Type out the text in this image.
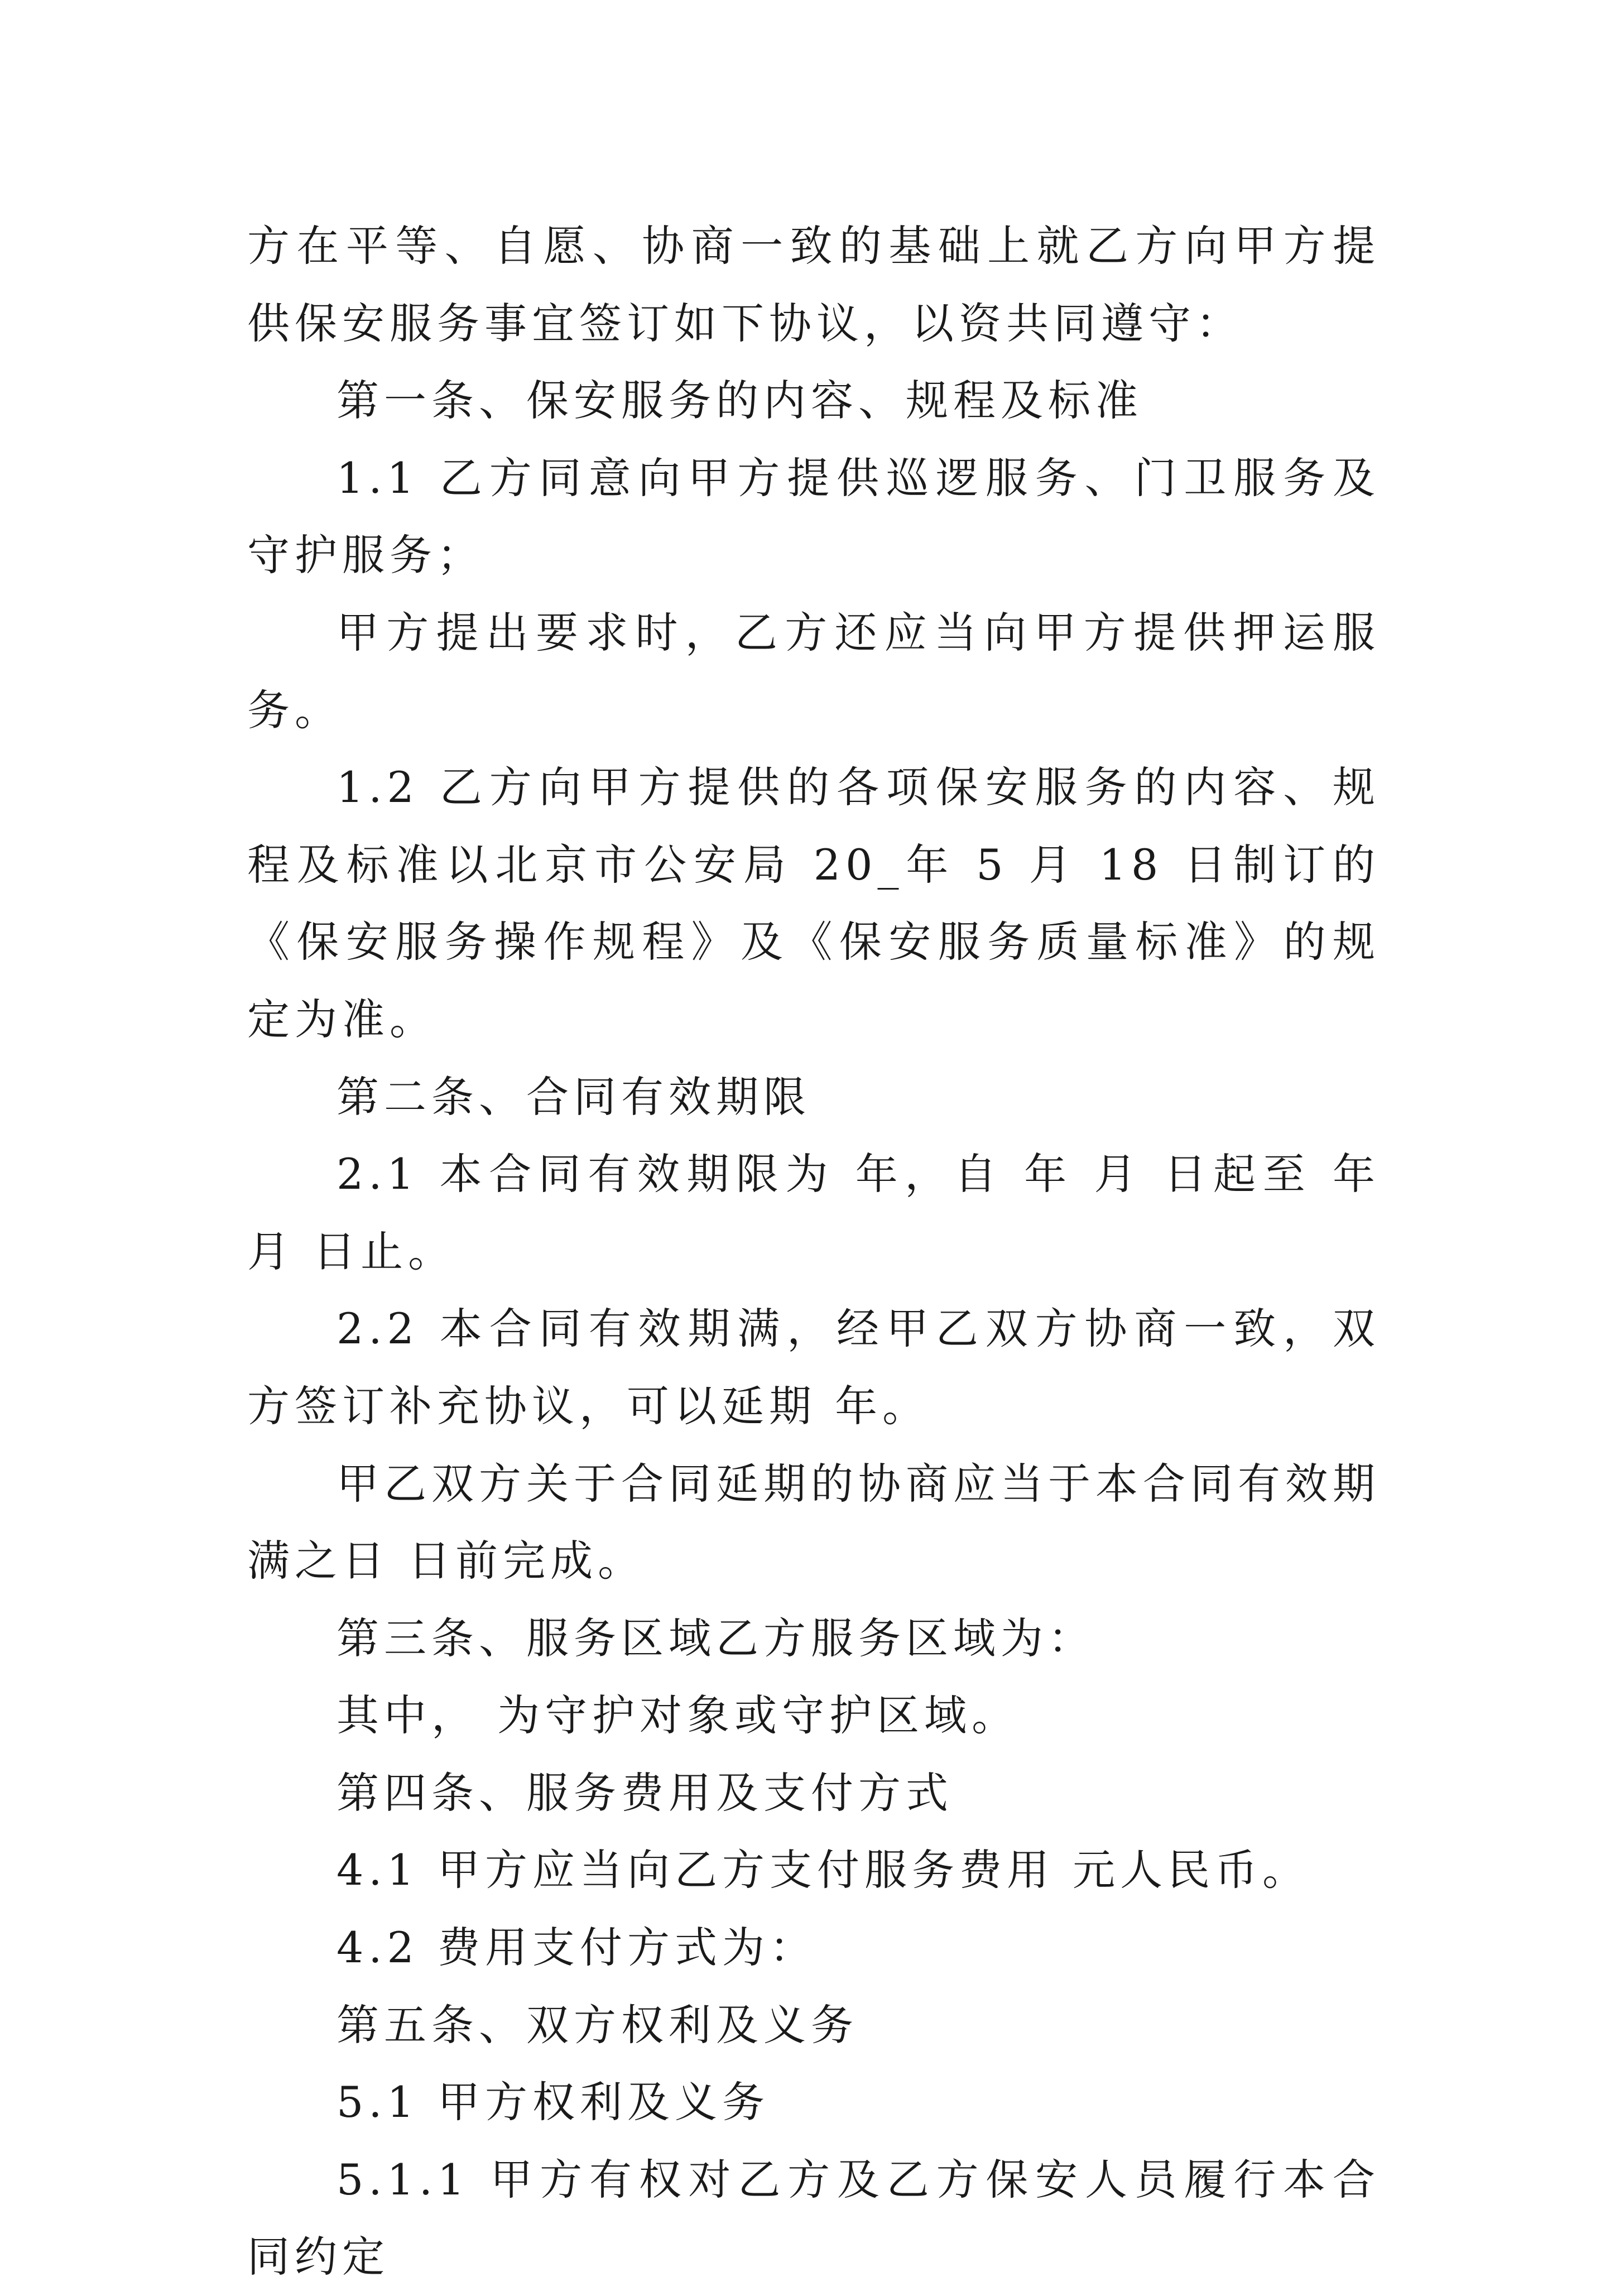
方在平等、自愿、协商一致的基础上就乙方向甲方提供保安服务事宜签订如下协议，以资共同遵守：

第一条、保安服务的内容、规程及标准

1.1 乙方同意向甲方提供巡逻服务、门卫服务及守护服务；

甲方提出要求时，乙方还应当向甲方提供押运服务。

1.2 乙方向甲方提供的各项保安服务的内容、规程及标准以北京市公安局 20_年 5 月 18 日制订的《保安服务操作规程》及《保安服务质量标准》的规定为准。

第二条、合同有效期限

2.1 本合同有效期限为 年，自 年 月 日起至 年 月 日止。

2.2 本合同有效期满，经甲乙双方协商一致，双方签订补充协议，可以延期 年。

甲乙双方关于合同延期的协商应当于本合同有效期满之日 日前完成。

第三条、服务区域乙方服务区域为：

其中， 为守护对象或守护区域。

第四条、服务费用及支付方式

4.1 甲方应当向乙方支付服务费用 元人民币。

4.2 费用支付方式为：

第五条、双方权利及义务

5.1 甲方权利及义务

5.1.1 甲方有权对乙方及乙方保安人员履行本合同约定
